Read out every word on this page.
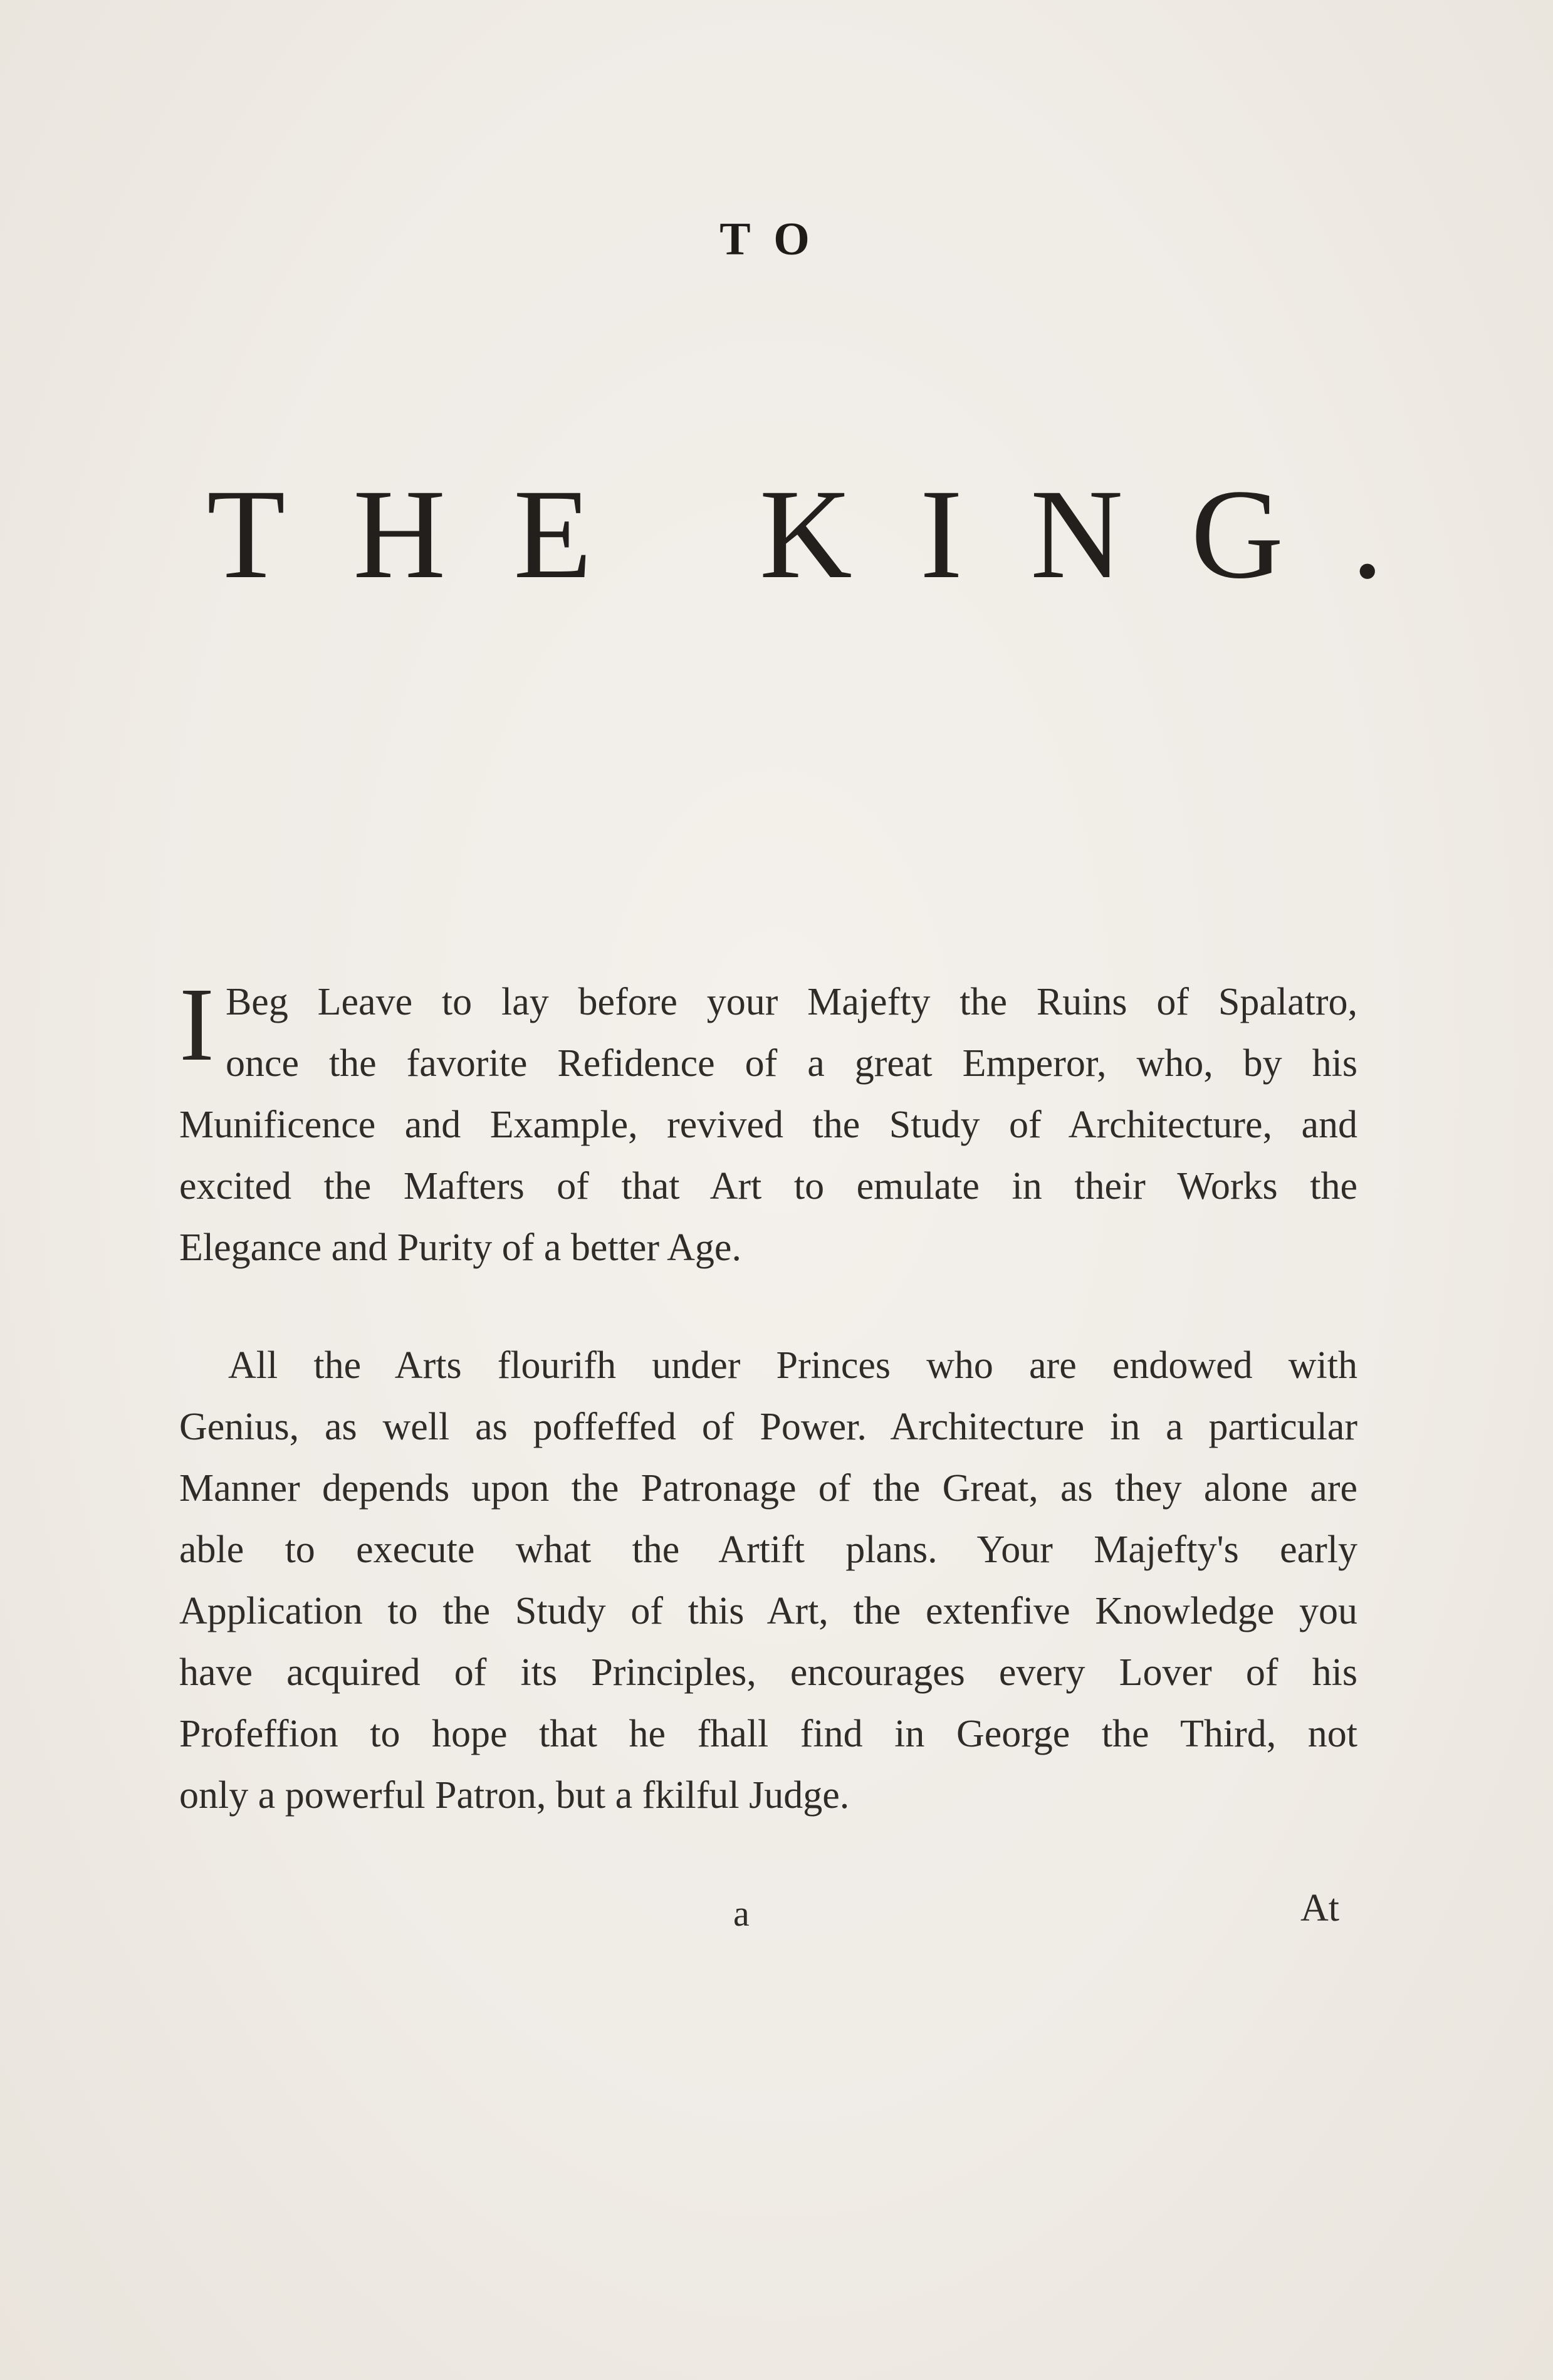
TO
THE KING.
I Beg Leave to lay before your Majefty the Ruins of Spalatro,
once the favorite Refidence of a great Emperor, who, by his
Munificence and Example, revived the Study of Architecture, and
excited the Mafters of that Art to emulate in their Works the
Elegance and Purity of a better Age.
All the Arts flourifh under Princes who are endowed with
Genius, as well as poffeffed of Power. Architecture in a particular
Manner depends upon the Patronage of the Great, as they alone are
able to execute what the Artift plans. Your Majefty's early
Application to the Study of this Art, the extenfive Knowledge you
have acquired of its Principles, encourages every Lover of his
Profeffion to hope that he fhall find in George the Third, not
only a powerful Patron, but a fkilful Judge.
a	At
